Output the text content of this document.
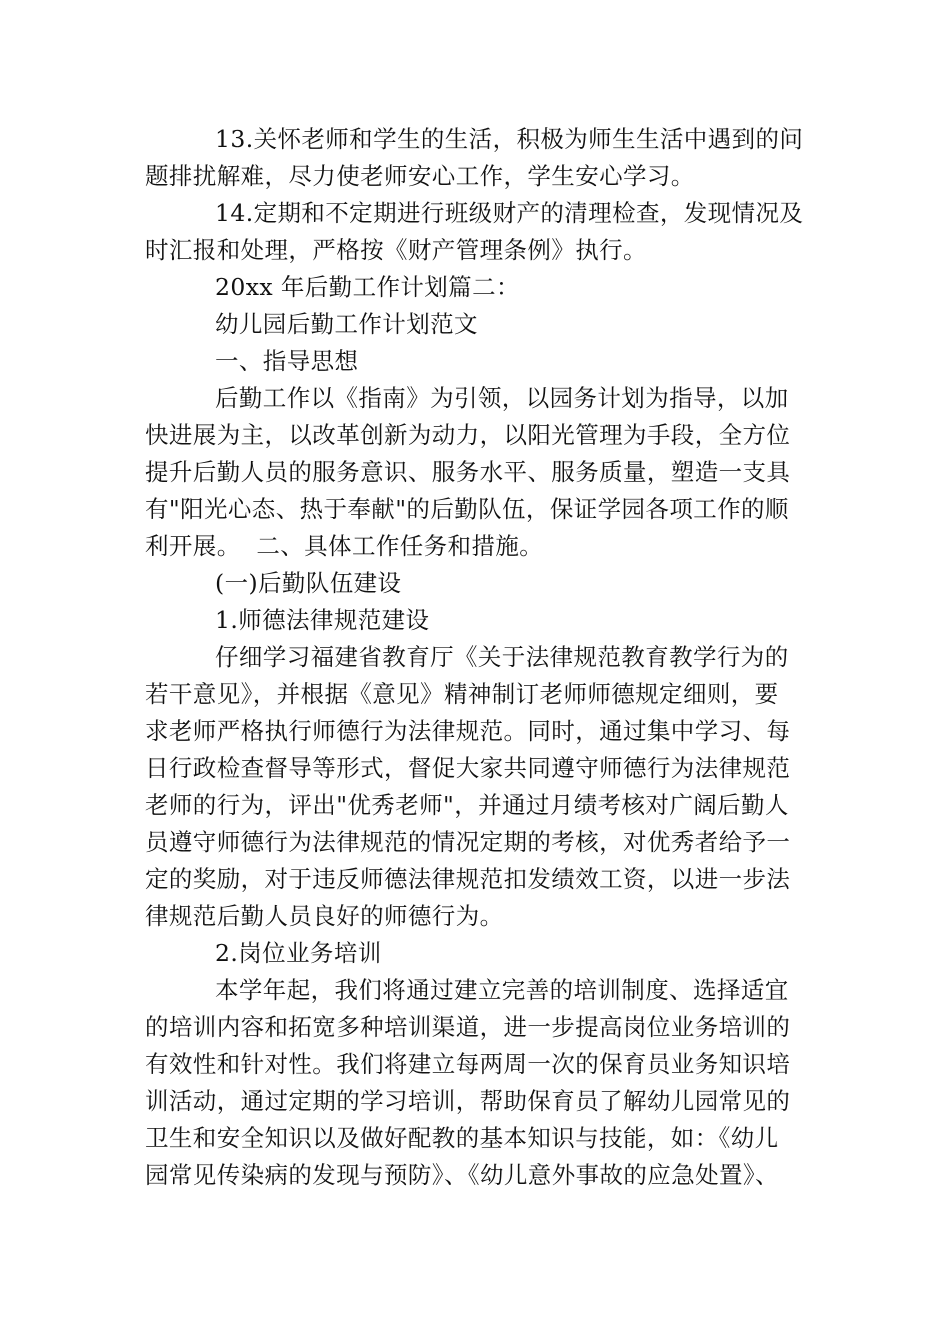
13.关怀老师和学生的生活，积极为师生生活中遇到的问
题排扰解难，尽力使老师安心工作，学生安心学习。
14.定期和不定期进行班级财产的清理检查，发现情况及
时汇报和处理，严格按《财产管理条例》执行。
20xx 年后勤工作计划篇二：
幼儿园后勤工作计划范文
一、指导思想
后勤工作以《指南》为引领，以园务计划为指导，以加
快进展为主，以改革创新为动力，以阳光管理为手段，全方位
提升后勤人员的服务意识、服务水平、服务质量，塑造一支具
有"阳光心态、热于奉献"的后勤队伍，保证学园各项工作的顺
利开展。  二、具体工作任务和措施。
(一)后勤队伍建设
1.师德法律规范建设
仔细学习福建省教育厅《关于法律规范教育教学行为的
若干意见》，并根据《意见》精神制订老师师德规定细则，要
求老师严格执行师德行为法律规范。同时，通过集中学习、每
日行政检查督导等形式，督促大家共同遵守师德行为法律规范
老师的行为，评出"优秀老师"，并通过月绩考核对广阔后勤人
员遵守师德行为法律规范的情况定期的考核，对优秀者给予一
定的奖励，对于违反师德法律规范扣发绩效工资，以进一步法
律规范后勤人员良好的师德行为。
2.岗位业务培训
本学年起，我们将通过建立完善的培训制度、选择适宜
的培训内容和拓宽多种培训渠道，进一步提高岗位业务培训的
有效性和针对性。我们将建立每两周一次的保育员业务知识培
训活动，通过定期的学习培训，帮助保育员了解幼儿园常见的
卫生和安全知识以及做好配教的基本知识与技能，如：《幼儿
园常见传染病的发现与预防》、《幼儿意外事故的应急处置》、
